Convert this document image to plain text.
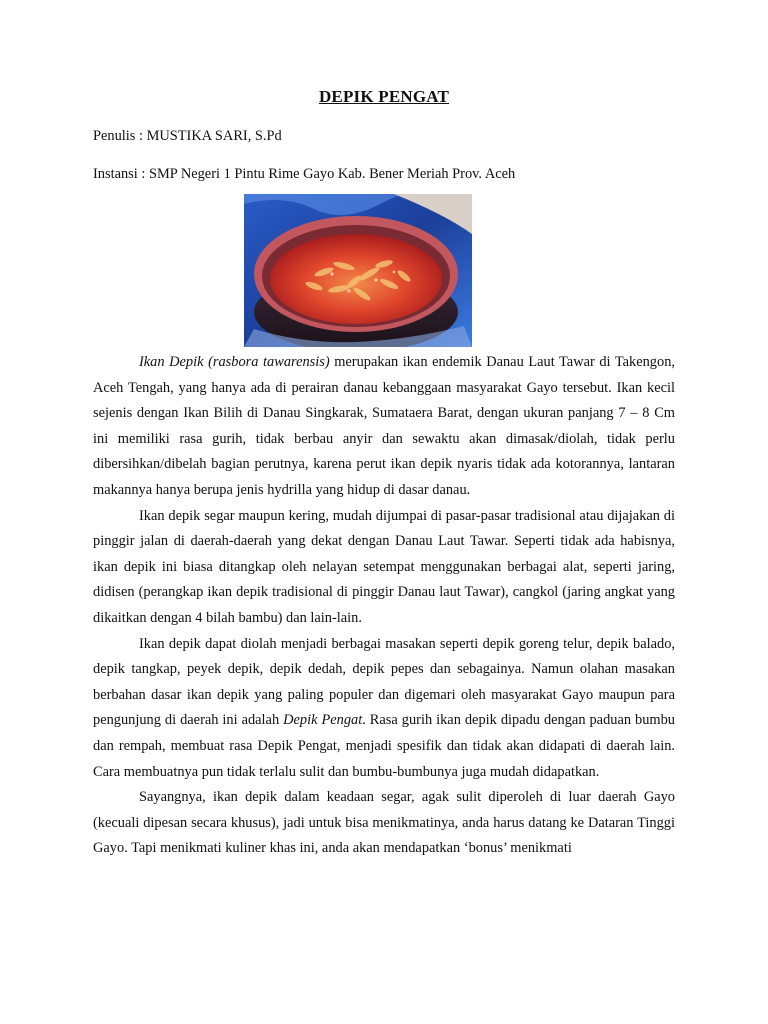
DEPIK PENGAT
Penulis : MUSTIKA SARI, S.Pd
Instansi : SMP Negeri 1 Pintu Rime Gayo Kab. Bener Meriah Prov. Aceh

Ikan Depik (rasbora tawarensis) merupakan ikan endemik Danau Laut Tawar di Takengon, Aceh Tengah, yang hanya ada di perairan danau kebanggaan masyarakat Gayo tersebut. Ikan kecil sejenis dengan Ikan Bilih di Danau Singkarak, Sumataera Barat, dengan ukuran panjang 7 – 8 Cm ini memiliki rasa gurih, tidak berbau anyir dan sewaktu akan dimasak/diolah, tidak perlu dibersihkan/dibelah bagian perutnya, karena perut ikan depik nyaris tidak ada kotorannya, lantaran makannya hanya berupa jenis hydrilla yang hidup di dasar danau.

Ikan depik segar maupun kering, mudah dijumpai di pasar-pasar tradisional atau dijajakan di pinggir jalan di daerah-daerah yang dekat dengan Danau Laut Tawar. Seperti tidak ada habisnya, ikan depik ini biasa ditangkap oleh nelayan setempat menggunakan berbagai alat, seperti jaring, didisen (perangkap ikan depik tradisional di pinggir Danau laut Tawar), cangkol (jaring angkat yang dikaitkan dengan 4 bilah bambu) dan lain-lain.

Ikan depik dapat diolah menjadi berbagai masakan seperti depik goreng telur, depik balado, depik tangkap, peyek depik, depik dedah, depik pepes dan sebagainya. Namun olahan masakan berbahan dasar ikan depik yang paling populer dan digemari oleh masyarakat Gayo maupun para pengunjung di daerah ini adalah Depik Pengat. Rasa gurih ikan depik dipadu dengan paduan bumbu dan rempah, membuat rasa Depik Pengat, menjadi spesifik dan tidak akan didapati di daerah lain. Cara membuatnya pun tidak terlalu sulit dan bumbu-bumbunya juga mudah didapatkan.

Sayangnya, ikan depik dalam keadaan segar, agak sulit diperoleh di luar daerah Gayo (kecuali dipesan secara khusus), jadi untuk bisa menikmatinya, anda harus datang ke Dataran Tinggi Gayo. Tapi menikmati kuliner khas ini, anda akan mendapatkan ‘bonus’ menikmati
